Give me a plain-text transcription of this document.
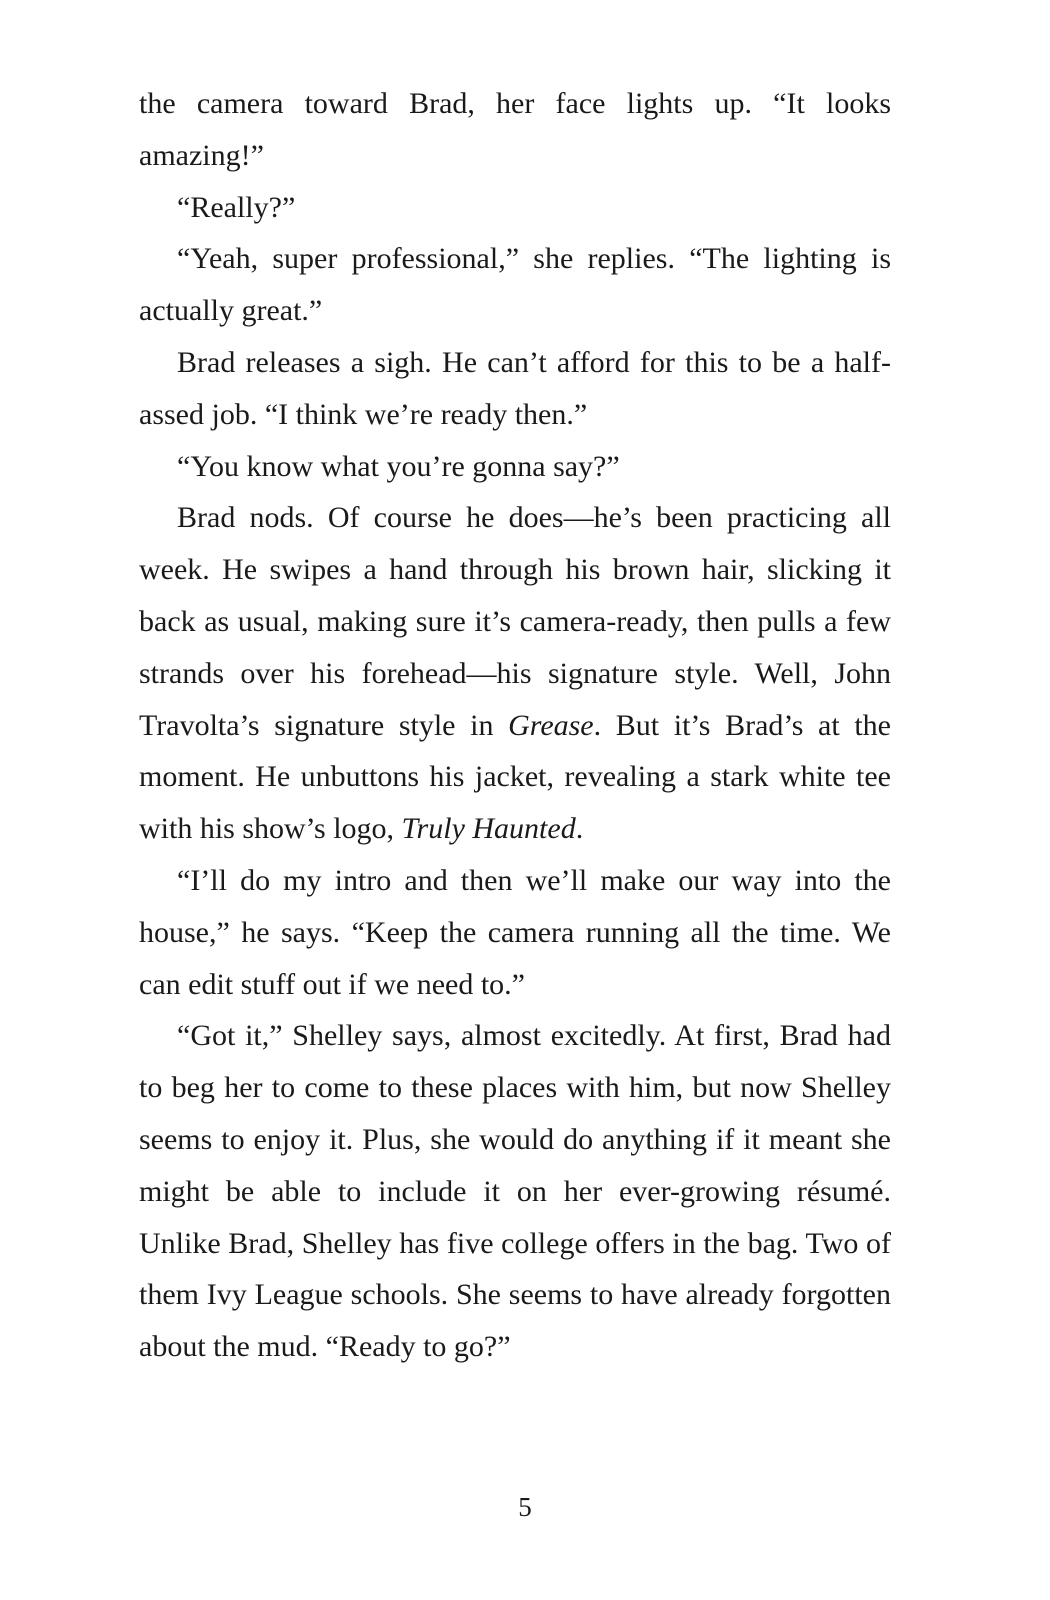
the camera toward Brad, her face lights up. “It looks amazing!”

“Really?”

“Yeah, super professional,” she replies. “The lighting is actually great.”

Brad releases a sigh. He can’t afford for this to be a half-assed job. “I think we’re ready then.”

“You know what you’re gonna say?”

Brad nods. Of course he does—he’s been practicing all week. He swipes a hand through his brown hair, slicking it back as usual, making sure it’s camera-ready, then pulls a few strands over his forehead—his signature style. Well, John Travolta’s signature style in Grease. But it’s Brad’s at the moment. He unbuttons his jacket, revealing a stark white tee with his show’s logo, Truly Haunted.

“I’ll do my intro and then we’ll make our way into the house,” he says. “Keep the camera running all the time. We can edit stuff out if we need to.”

“Got it,” Shelley says, almost excitedly. At first, Brad had to beg her to come to these places with him, but now Shelley seems to enjoy it. Plus, she would do anything if it meant she might be able to include it on her ever-growing résumé. Unlike Brad, Shelley has five college offers in the bag. Two of them Ivy League schools. She seems to have already forgotten about the mud. “Ready to go?”

5
